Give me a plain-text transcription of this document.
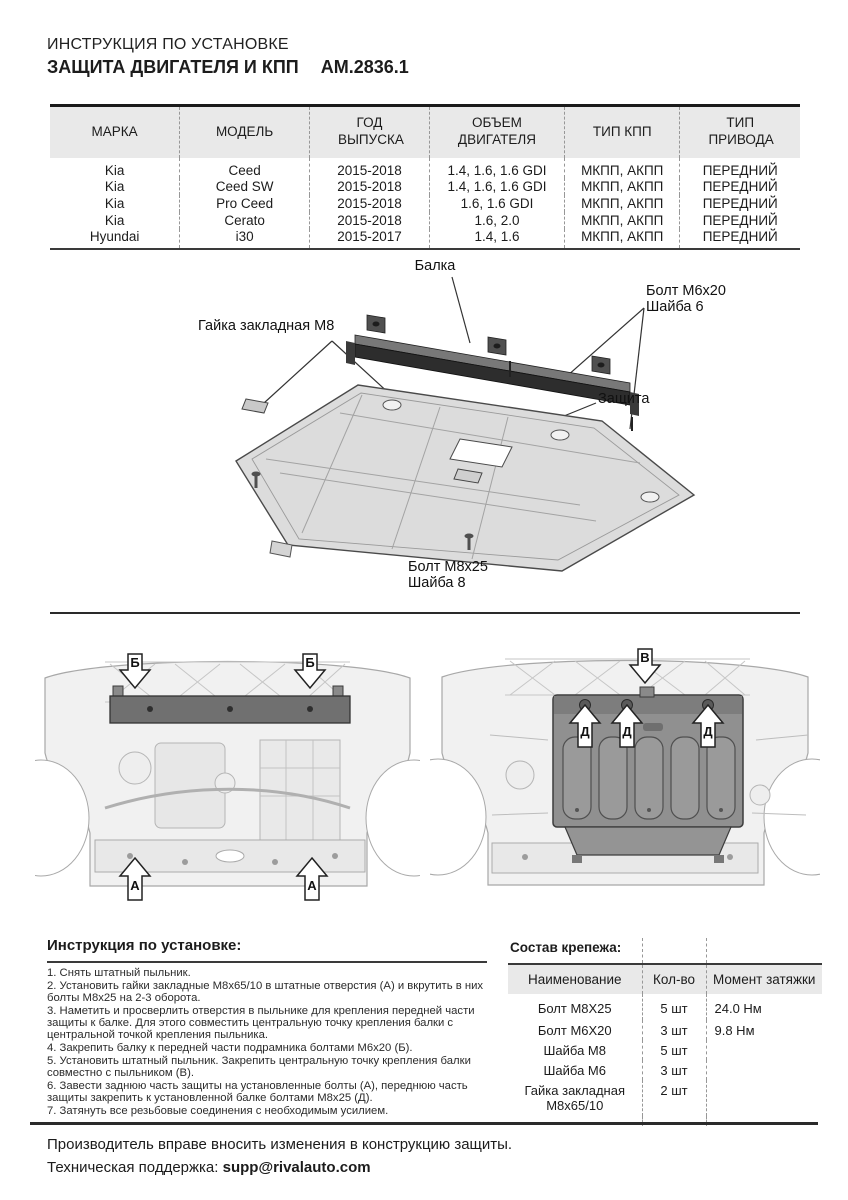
ИНСТРУКЦИЯ ПО УСТАНОВКЕ
ЗАЩИТА ДВИГАТЕЛЯ И КПП АМ.2836.1
МАРКА	МОДЕЛЬ	ГОД ВЫПУСКА	ОБЪЕМ ДВИГАТЕЛЯ	ТИП КПП	ТИП ПРИВОДА
Kia	Ceed	2015-2018	1.4, 1.6, 1.6 GDI	МКПП, АКПП	ПЕРЕДНИЙ
Kia	Ceed SW	2015-2018	1.4, 1.6, 1.6 GDI	МКПП, АКПП	ПЕРЕДНИЙ
Kia	Pro Ceed	2015-2018	1.6, 1.6 GDI	МКПП, АКПП	ПЕРЕДНИЙ
Kia	Cerato	2015-2018	1.6, 2.0	МКПП, АКПП	ПЕРЕДНИЙ
Hyundai	i30	2015-2017	1.4, 1.6	МКПП, АКПП	ПЕРЕДНИЙ
Балка
Болт М6х20
Шайба 6
Гайка закладная М8
Защита
Болт М8х25
Шайба 8
Б	Б
А	А
В
Д	Д	Д
Инструкция по установке:
1. Снять штатный пыльник.
2. Установить гайки закладные М8х65/10 в штатные отверстия (А) и вкрутить в них болты М8х25 на 2-3 оборота.
3. Наметить и просверлить отверстия в пыльнике для крепления передней части защиты к балке. Для этого совместить центральную точку крепления балки с центральной точкой крепления пыльника.
4. Закрепить балку к передней части подрамника болтами М6х20 (Б).
5. Установить штатный пыльник. Закрепить центральную точку крепления балки совместно с пыльником (В).
6. Завести заднюю часть защиты на установленные болты (А), переднюю часть защиты закрепить к установленной балке болтами М8х25 (Д).
7. Затянуть все резьбовые соединения с необходимым усилием.
Состав крепежа:		
Наименование	Кол-во	Момент затяжки
Болт М8Х25	5 шт	24.0 Нм
Болт М6Х20	3 шт	9.8 Нм
Шайба М8	5 шт	
Шайба М6	3 шт	
Гайка закладная М8х65/10	2 шт	

Производитель вправе вносить изменения в конструкцию защиты.
Техническая поддержка: supp@rivalauto.com
